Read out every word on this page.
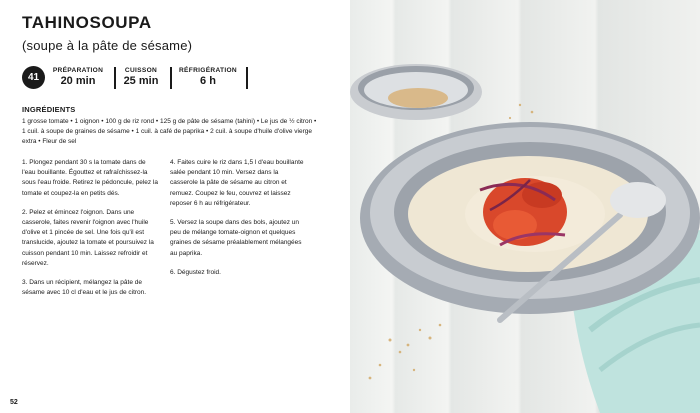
TAHINOSOUPA
(soupe à la pâte de sésame)
41
PRÉPARATION
20 min
CUISSON
25 min
RÉFRIGÉRATION
6 h
INGRÉDIENTS
1 grosse tomate • 1 oignon • 100 g de riz rond • 125 g de pâte de sésame (tahini) • Le jus de ½ citron • 1 cuil. à soupe de graines de sésame • 1 cuil. à café de paprika • 2 cuil. à soupe d'huile d'olive vierge extra • Fleur de sel

1. Plongez pendant 30 s la tomate dans de l'eau bouillante. Égouttez et rafraîchissez-la sous l'eau froide. Retirez le pédoncule, pelez la tomate et coupez-la en petits dés.

2. Pelez et émincez l'oignon. Dans une casserole, faites revenir l'oignon avec l'huile d'olive et 1 pincée de sel. Une fois qu'il est translucide, ajoutez la tomate et poursuivez la cuisson pendant 10 min. Laissez refroidir et réservez.

3. Dans un récipient, mélangez la pâte de sésame avec 10 cl d'eau et le jus de citron.

4. Faites cuire le riz dans 1,5 l d'eau bouillante salée pendant 10 min. Versez dans la casserole la pâte de sésame au citron et remuez. Coupez le feu, couvrez et laissez reposer 6 h au réfrigérateur.

5. Versez la soupe dans des bols, ajoutez un peu de mélange tomate-oignon et quelques graines de sésame préalablement mélangées au paprika.

6. Dégustez froid.

52
